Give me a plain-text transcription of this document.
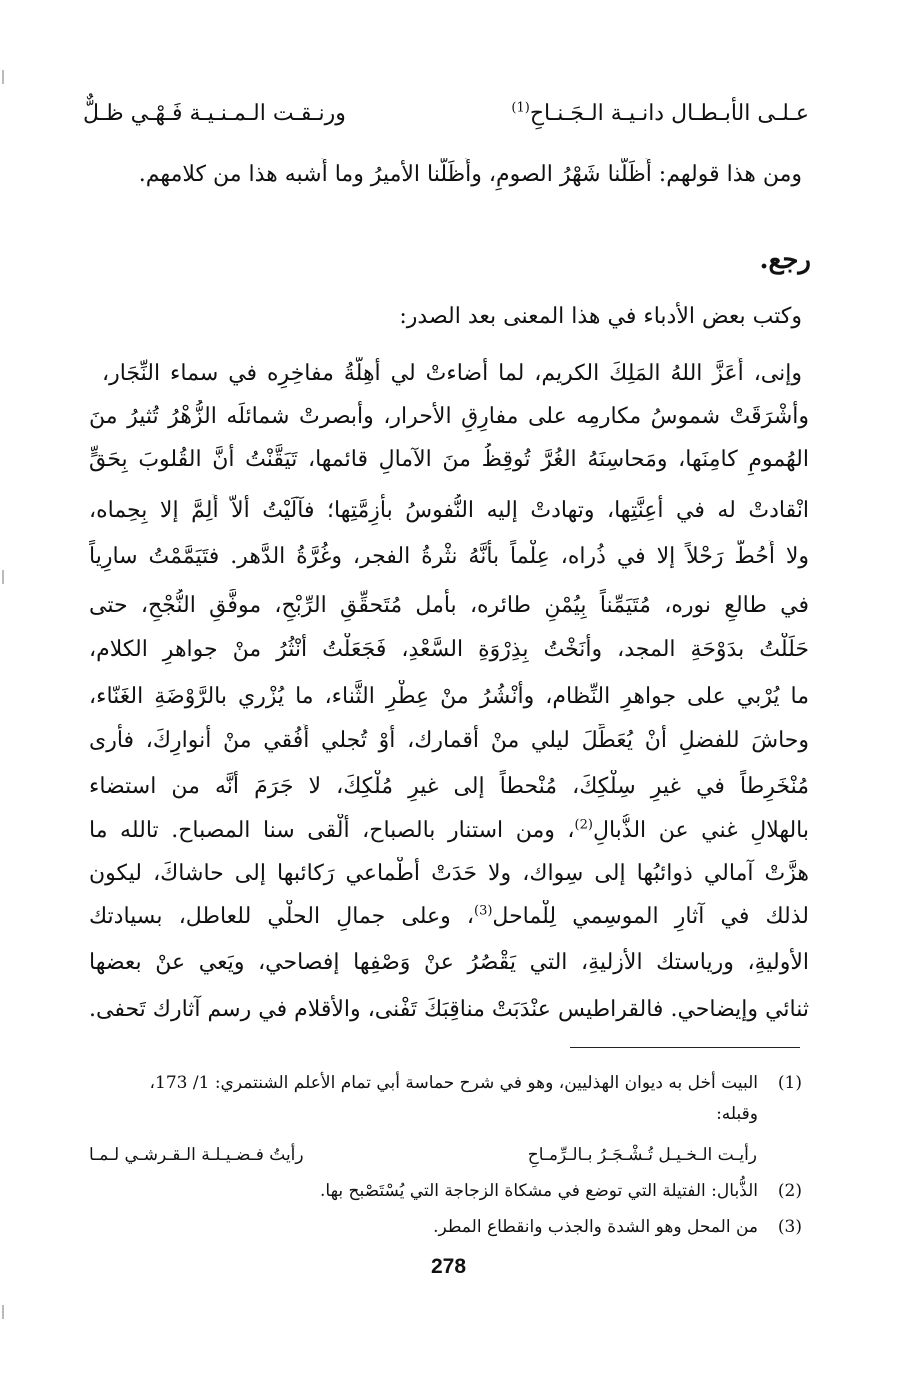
ورنـقـت الـمـنـيـة فَـهْـي ظـلٌّ	عـلـى الأبـطـال دانـيـة الـجَـنـاحِ$^{(1)}$
ومن هذا قولهم: أَظَلّنا شَهْرُ الصومِ، وأَظَلّنا الأميرُ وما أَشبه هذا من كلامهم.
رجع.
وكتب بعض الأدباء في هذا المعنى بعد الصدر:
وإنى، أَعَزَّ اللهُ المَلِكَ الكريم، لما أضاءتْ لي أهِلَّةُ مفاخِرِه في سماء النِّجَار،
وأشْرَقَتْ شموسُ مكارمِه على مفارِقِ الأحرار، وأبصرتْ شمائلَه الزُّهْرُ تُثيرُ منَ
الهُمومِ كامِنَها، ومَحاسِنَهُ الغُرَّ تُوقِظُ منَ الآمالِ قائمها، تَيَقَّنْتُ أنَّ القُلوبَ بِحَقٍّ
انْقادتْ له في أعِنَّتِها، وتهادتْ إليه النُّفوسُ بأزِمَّتِها؛ فآلَيْتُ ألاّ أُلِمَّ إلا بِحِماه،
ولا أَحُطَّ رَحْلاً إلا في ذُراه، عِلْماً بأنَّهُ نثْرةُ الفجر، وغُرَّةُ الدَّهر. فتَيَمَّمْتُ سارِياً
في طالعِ نوره، مُتَيَمِّناً بِيُمْنِ طائره، بأمل مُتَحقِّقِ الرِّبْحِ، موفَّقِ النُّجْحِ، حتى
حَلَلْتُ بدَوْحَةِ المجد، وأنَخْتُ بِذِرْوَةِ السَّعْدِ، فَجَعَلْتُ أنْثُرُ منْ جواهرِ الكلام،
ما يُرْبي على جواهرِ النِّظام، وأنْشُرُ منْ عِطْرِ الثَّناء، ما يُزْري بالرَّوْضَةِ الغَنّاء،
وحاشَ للفضلِ أنْ يُعَطِّلَ ليلي منْ أقمارك، أوْ تُجلي أُفُقي منْ أنوارِكَ، فأرى
مُنْخَرِطاً في غيرِ سِلْكِكَ، مُنْحطاً إلى غيرِ مُلْكِكَ، لا جَرَمَ أنَّه من استضاء
بالهلالِ غني عن الذُّبالِ$^{(2)}$، ومن استنار بالصباح، ألْقى سنا المصباح. تالله ما
هزَّتْ آمالي ذوائبُها إلى سِواك، ولا حَدَتْ أطْماعي رَكائبها إلى حاشاكَ، ليكون
لذلك في آثارِ الموسِمي لِلْماحل$^{(3)}$، وعلى جمالِ الحلْي للعاطل، بسيادتك
الأوليةِ، ورياستك الأزليةِ، التي يَقْصُرُ عنْ وَصْفِها إفصاحي، ويَعي عنْ بعضها
ثنائي وإيضاحي. فالقراطيس عنْدَبَتْ مناقِبَكَ تَفْنى، والأقلام في رسم آثارك تَحفى.
(1)
البيت أخل به ديوان الهذليين، وهو في شرح حماسة أبي تمام الأعلم الشنتمري: 1/ 173،
وقبله:
رأيتُ فـضـيـلـة الـقـرشـي لـمـا	رأيـت الـخـيـل تُـشْـجَـرُ بـالـرِّمـاحِ
(2)
الذُّبال: الفتيلة التي توضع في مشكاة الزجاجة التي يُسْتَصْبح بها.
(3)
من المحل وهو الشدة والجذب وانقطاع المطر.
278
